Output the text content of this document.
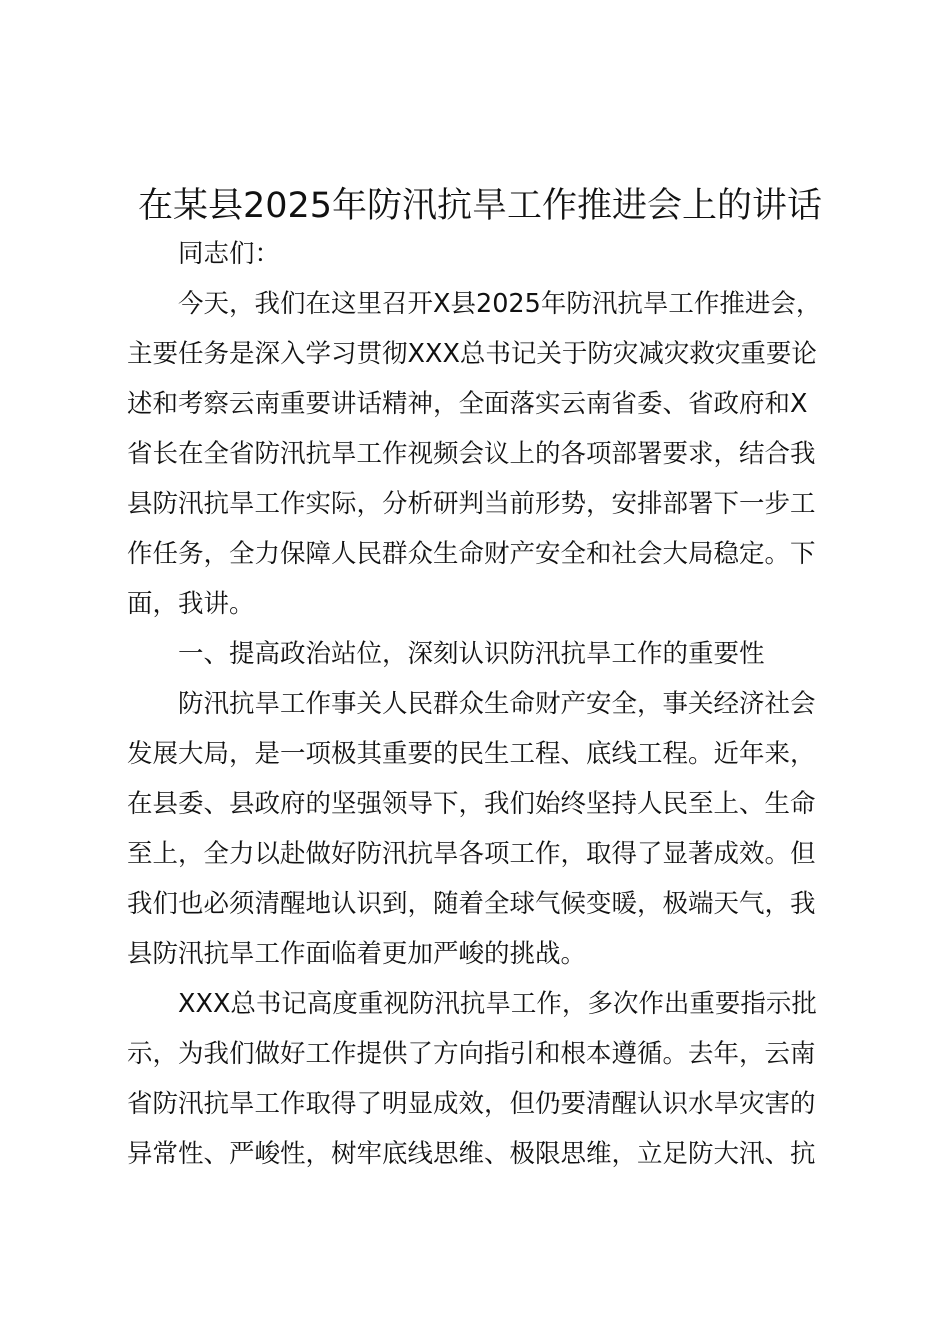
在某县2025年防汛抗旱工作推进会上的讲话
同志们：
今天，我们在这里召开X县2025年防汛抗旱工作推进会，
主要任务是深入学习贯彻XXX总书记关于防灾减灾救灾重要论
述和考察云南重要讲话精神，全面落实云南省委、省政府和X
省长在全省防汛抗旱工作视频会议上的各项部署要求，结合我
县防汛抗旱工作实际，分析研判当前形势，安排部署下一步工
作任务，全力保障人民群众生命财产安全和社会大局稳定。下
面，我讲。
一、提高政治站位，深刻认识防汛抗旱工作的重要性
防汛抗旱工作事关人民群众生命财产安全，事关经济社会
发展大局，是一项极其重要的民生工程、底线工程。近年来，
在县委、县政府的坚强领导下，我们始终坚持人民至上、生命
至上，全力以赴做好防汛抗旱各项工作，取得了显著成效。但
我们也必须清醒地认识到，随着全球气候变暖，极端天气，我
县防汛抗旱工作面临着更加严峻的挑战。
XXX总书记高度重视防汛抗旱工作，多次作出重要指示批
示，为我们做好工作提供了方向指引和根本遵循。去年，云南
省防汛抗旱工作取得了明显成效，但仍要清醒认识水旱灾害的
异常性、严峻性，树牢底线思维、极限思维，立足防大汛、抗
